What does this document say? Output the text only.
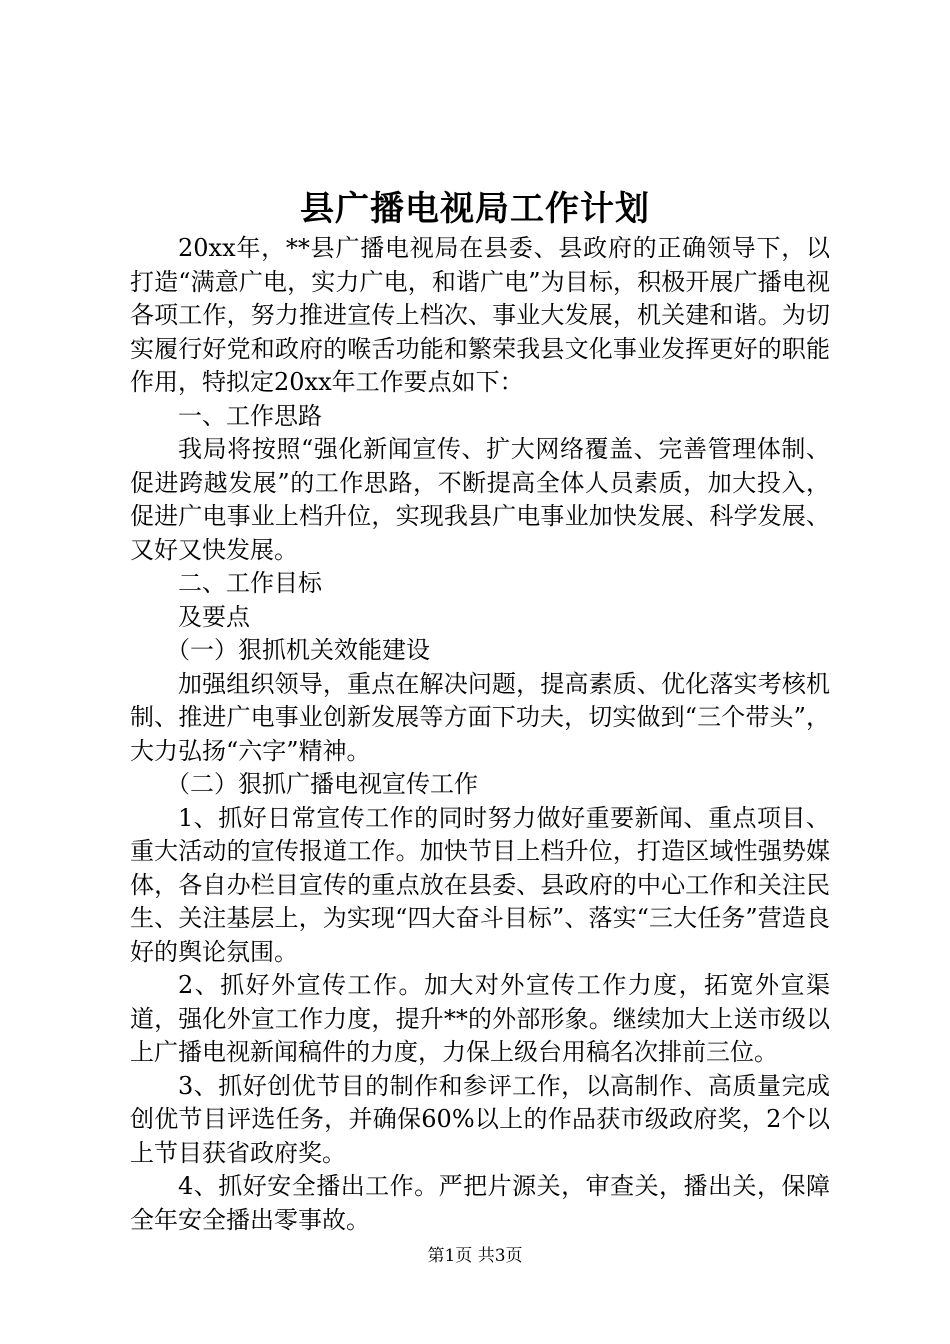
县广播电视局工作计划

20xx年，**县广播电视局在县委、县政府的正确领导下，以打造“满意广电，实力广电，和谐广电”为目标，积极开展广播电视各项工作，努力推进宣传上档次、事业大发展，机关建和谐。为切实履行好党和政府的喉舌功能和繁荣我县文化事业发挥更好的职能作用，特拟定20xx年工作要点如下：

一、工作思路

我局将按照“强化新闻宣传、扩大网络覆盖、完善管理体制、促进跨越发展”的工作思路，不断提高全体人员素质，加大投入，促进广电事业上档升位，实现我县广电事业加快发展、科学发展、又好又快发展。

二、工作目标

及要点

（一）狠抓机关效能建设

加强组织领导，重点在解决问题，提高素质、优化落实考核机制、推进广电事业创新发展等方面下功夫，切实做到“三个带头”，大力弘扬“六字”精神。

（二）狠抓广播电视宣传工作

1、抓好日常宣传工作的同时努力做好重要新闻、重点项目、重大活动的宣传报道工作。加快节目上档升位，打造区域性强势媒体，各自办栏目宣传的重点放在县委、县政府的中心工作和关注民生、关注基层上，为实现“四大奋斗目标”、落实“三大任务”营造良好的舆论氛围。

2、抓好外宣传工作。加大对外宣传工作力度，拓宽外宣渠道，强化外宣工作力度，提升**的外部形象。继续加大上送市级以上广播电视新闻稿件的力度，力保上级台用稿名次排前三位。

3、抓好创优节目的制作和参评工作，以高制作、高质量完成创优节目评选任务，并确保60%以上的作品获市级政府奖，2个以上节目获省政府奖。

4、抓好安全播出工作。严把片源关，审查关，播出关，保障全年安全播出零事故。

第1页 共3页
